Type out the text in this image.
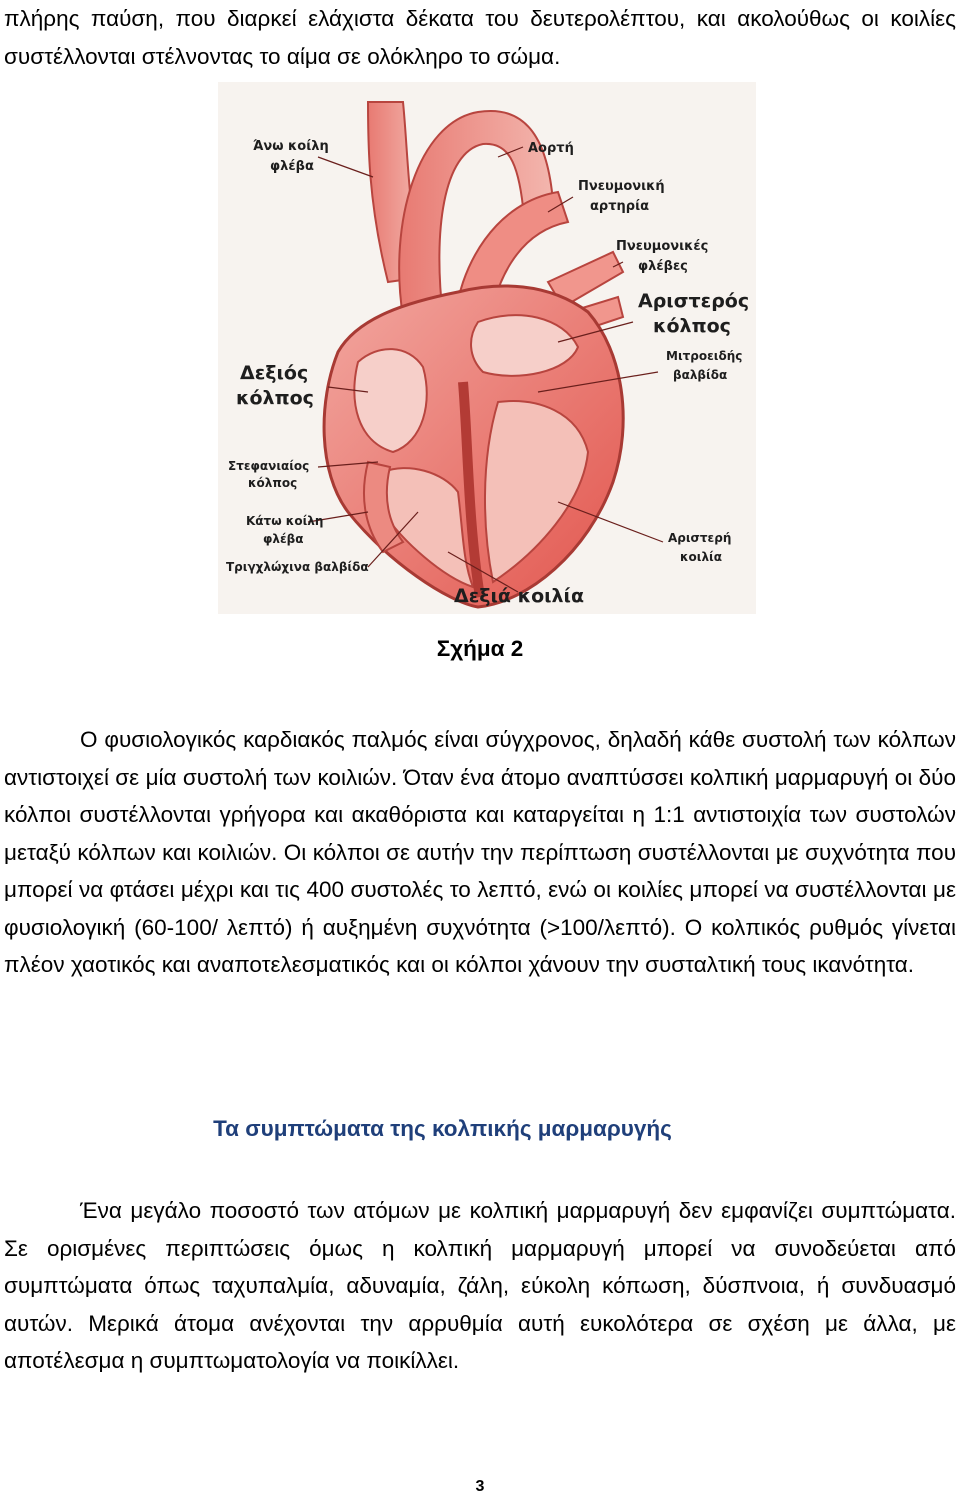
πλήρης παύση, που διαρκεί ελάχιστα δέκατα του δευτερολέπτου, και ακολούθως οι κοιλίες συστέλλονται στέλνοντας το αίμα σε ολόκληρο το σώμα.
Άνω κοίλη
φλέβα
Αορτή
Πνευμονική
αρτηρία
Πνευμονικές
φλέβες
Αριστερός
κόλπος
Μιτροειδής
βαλβίδα
Δεξιός
κόλπος
Στεφανιαίος
κόλπος
Κάτω κοίλη
φλέβα
Τριγχλώχινα βαλβίδα
Αριστερή
κοιλία
Δεξιά κοιλία
Σχήμα 2
Ο φυσιολογικός καρδιακός παλμός είναι σύγχρονος, δηλαδή κάθε συστολή των κόλπων αντιστοιχεί σε μία συστολή των κοιλιών. Όταν ένα άτομο αναπτύσσει κολπική μαρμαρυγή οι δύο κόλποι συστέλλονται γρήγορα και ακαθόριστα και καταργείται η 1:1 αντιστοιχία των συστολών μεταξύ κόλπων και κοιλιών. Οι κόλποι σε αυτήν την περίπτωση συστέλλονται με συχνότητα που μπορεί να φτάσει μέχρι και τις 400 συστολές το λεπτό, ενώ οι κοιλίες μπορεί να συστέλλονται με φυσιολογική (60-100/ λεπτό) ή αυξημένη συχνότητα (>100/λεπτό). Ο κολπικός ρυθμός γίνεται πλέον χαοτικός και αναποτελεσματικός και οι κόλποι χάνουν την συσταλτική τους ικανότητα.
Τα συμπτώματα της κολπικής μαρμαρυγής
Ένα μεγάλο ποσοστό των ατόμων με κολπική μαρμαρυγή δεν εμφανίζει συμπτώματα. Σε ορισμένες περιπτώσεις όμως η κολπική μαρμαρυγή μπορεί να συνοδεύεται από συμπτώματα όπως ταχυπαλμία, αδυναμία, ζάλη, εύκολη κόπωση, δύσπνοια, ή συνδυασμό αυτών. Μερικά άτομα ανέχονται την αρρυθμία αυτή ευκολότερα σε σχέση με άλλα, με αποτέλεσμα η συμπτωματολογία να ποικίλλει.
3
